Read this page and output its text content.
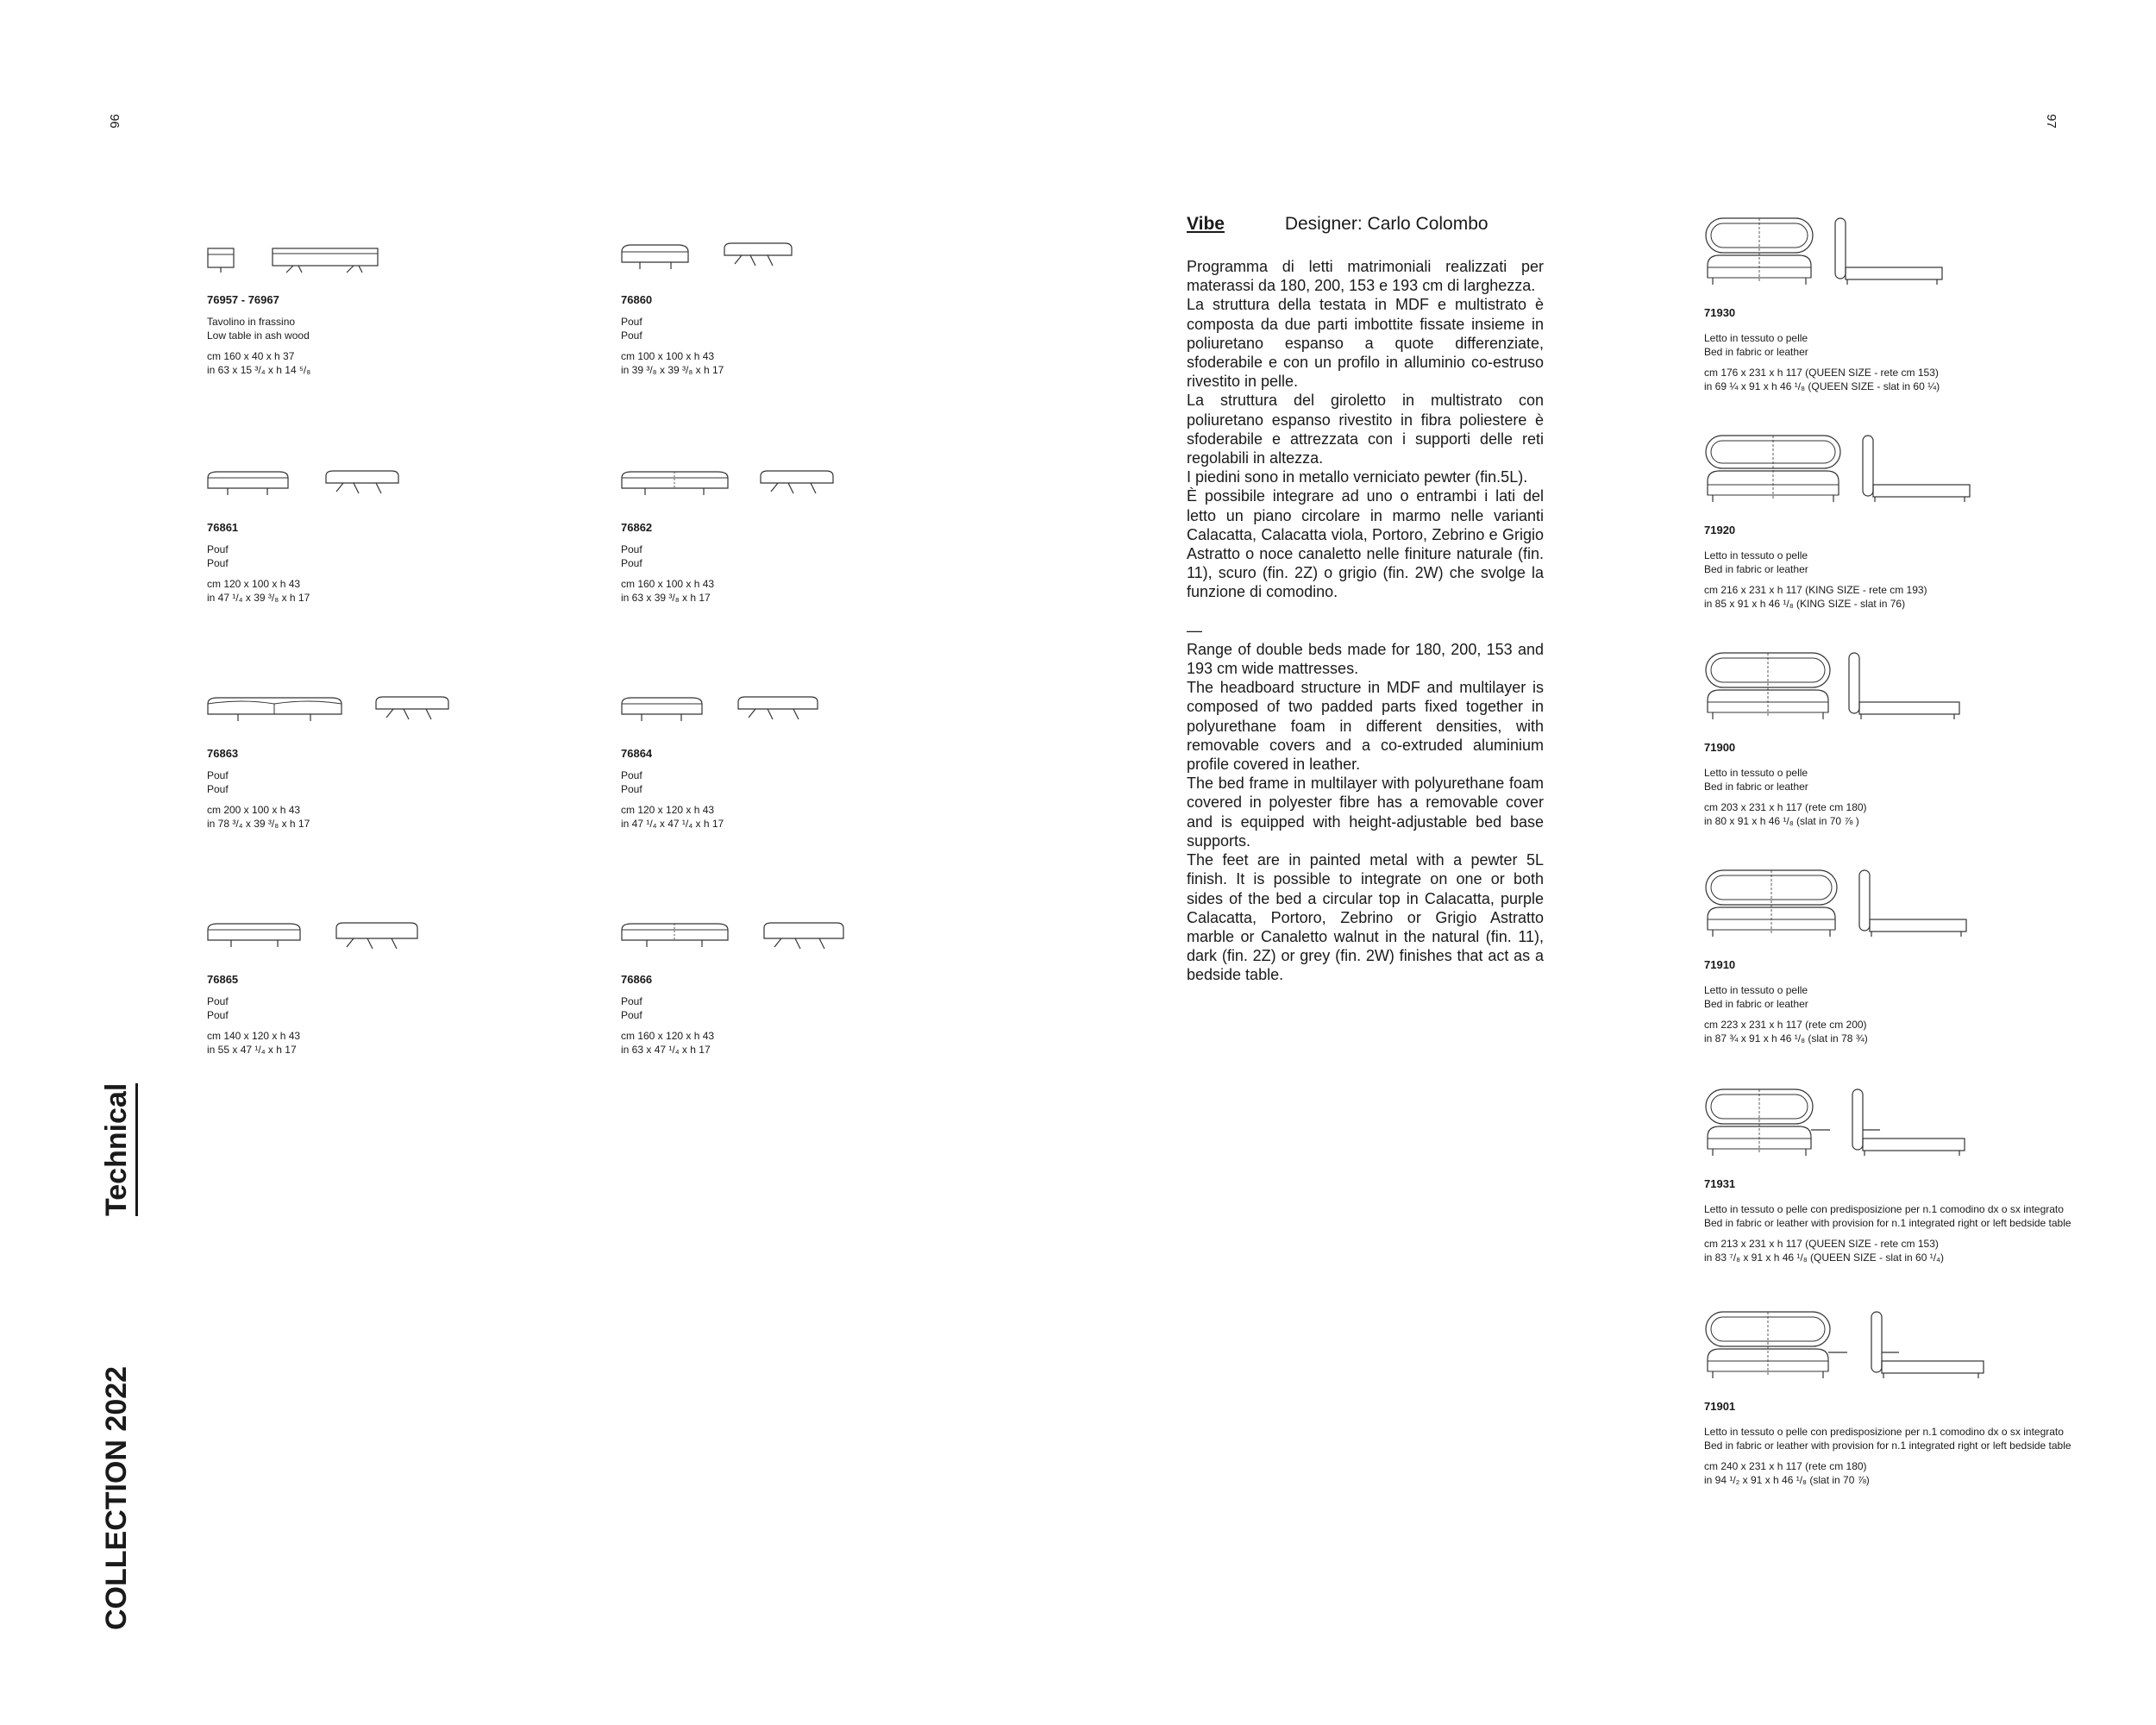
96	97
Technical
COLLECTION 2022
76957 - 76967
Tavolino in frassino
Low table in ash wood
cm 160 x 40 x h 37
in 63 x 15 ³/₄ x h 14 ⁵/₈
76860
Pouf
Pouf
cm 100 x 100 x h 43
in 39 ³/₈ x 39 ³/₈ x h 17
76861
Pouf
Pouf
cm 120 x 100 x h 43
in 47 ¹/₄ x 39 ³/₈ x h 17
76862
Pouf
Pouf
cm 160 x 100 x h 43
in 63 x 39 ³/₈ x h 17
76863
Pouf
Pouf
cm 200 x 100 x h 43
in 78 ³/₄ x 39 ³/₈ x h 17
76864
Pouf
Pouf
cm 120 x 120 x h 43
in 47 ¹/₄ x 47 ¹/₄ x h 17
76865
Pouf
Pouf
cm 140 x 120 x h 43
in 55 x 47 ¹/₄ x h 17
76866
Pouf
Pouf
cm 160 x 120 x h 43
in 63 x 47 ¹/₄ x h 17
Vibe	Designer: Carlo Colombo

Programma di letti matrimoniali realizzati per materassi da 180, 200, 153 e 193 cm di larghezza.

La struttura della testata in MDF e multistrato è composta da due parti imbottite fissate insieme in poliuretano espanso a quote differenziate, sfoderabile e con un profilo in alluminio co-estruso rivestito in pelle.

La struttura del giroletto in multistrato con poliuretano espanso rivestito in fibra poliestere è sfoderabile e attrezzata con i supporti delle reti regolabili in altezza.

I piedini sono in metallo verniciato pewter (fin.5L).

È possibile integrare ad uno o entrambi i lati del letto un piano circolare in marmo nelle varianti Calacatta, Calacatta viola, Portoro, Zebrino e Grigio Astratto o noce canaletto nelle finiture naturale (fin. 11), scuro (fin. 2Z) o grigio (fin. 2W) che svolge la funzione di comodino.

—

Range of double beds made for 180, 200, 153 and 193 cm wide mattresses.

The headboard structure in MDF and multilayer is composed of two padded parts fixed together in polyurethane foam in different densities, with removable covers and a co-extruded aluminium profile covered in leather.

The bed frame in multilayer with polyurethane foam covered in polyester fibre has a removable cover and is equipped with height-adjustable bed base supports.

The feet are in painted metal with a pewter 5L finish. It is possible to integrate on one or both sides of the bed a circular top in Calacatta, purple Calacatta, Portoro, Zebrino or Grigio Astratto marble or Canaletto walnut in the natural (fin. 11), dark (fin. 2Z) or grey (fin. 2W) finishes that act as a bedside table.

71930
Letto in tessuto o pelle
Bed in fabric or leather
cm 176 x 231 x h 117 (QUEEN SIZE - rete cm 153)
in 69 ¼ x 91 x h 46 ¹/₈ (QUEEN SIZE - slat in 60 ¼)
71920
Letto in tessuto o pelle
Bed in fabric or leather
cm 216 x 231 x h 117 (KING SIZE - rete cm 193)
in 85 x 91 x h 46 ¹/₈ (KING SIZE - slat in 76)
71900
Letto in tessuto o pelle
Bed in fabric or leather
cm 203 x 231 x h 117 (rete cm 180)
in 80 x 91 x h 46 ¹/₈ (slat in 70 ⅞ )
71910
Letto in tessuto o pelle
Bed in fabric or leather
cm 223 x 231 x h 117 (rete cm 200)
in 87 ¾ x 91 x h 46 ¹/₈ (slat in 78 ¾)
71931
Letto in tessuto o pelle con predisposizione per n.1 comodino dx o sx integrato
Bed in fabric or leather with provision for n.1 integrated right or left bedside table
cm 213 x 231 x h 117 (QUEEN SIZE - rete cm 153)
in 83 ⁷/₈ x 91 x h 46 ¹/₈ (QUEEN SIZE - slat in 60 ¹/₄)
71901
Letto in tessuto o pelle con predisposizione per n.1 comodino dx o sx integrato
Bed in fabric or leather with provision for n.1 integrated right or left bedside table
cm 240 x 231 x h 117 (rete cm 180)
in 94 ¹/₂ x 91 x h 46 ¹/₈ (slat in 70 ⅞)
